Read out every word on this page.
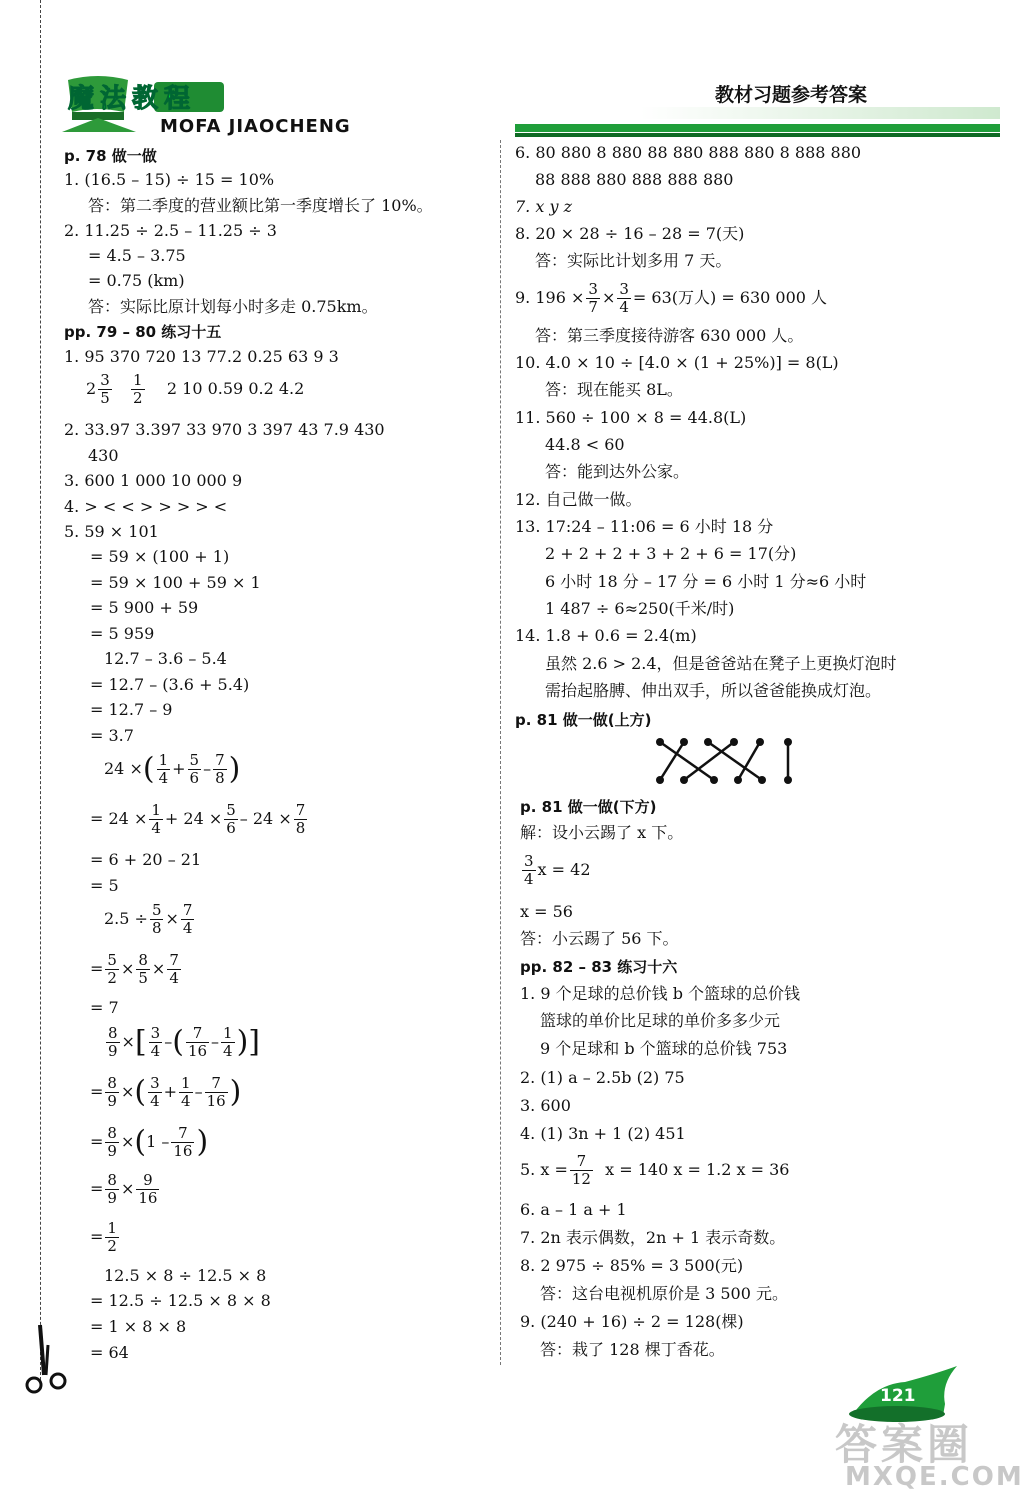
魔法教程
MOFA JIAOCHENG
教材习题参考答案
p. 78 做一做
1. (16.5 – 15) ÷ 15 = 10%
答：第二季度的营业额比第一季度增长了 10%。
2. 11.25 ÷ 2.5 – 11.25 ÷ 3
= 4.5 – 3.75
= 0.75 (km)
答：实际比原计划每小时多走 0.75km。
pp. 79 – 80 练习十五
1. 95 370 720 13 77.2 0.25 63 9 3
$2 \frac{3}{5}$
$\frac{1}{2} 2$ 10 0.59 0.2 4.2
2. 33.97 3.397 33 970 3 397 43 7.9 430
430
3. 600 1 000 10 000 9
4. > < < > > > > <
5. 59 × 101
= 59 × (100 + 1)
= 59 × 100 + 59 × 1
= 5 900 + 59
= 5 959
12.7 – 3.6 – 5.4
= 12.7 – (3.6 + 5.4)
= 12.7 – 9
= 3.7
24 ×( $\frac{1}{4} + \frac{5}{6} - \frac{7}{8}$ )
= $24 \times \frac{1}{4} + 24 \times \frac{5}{6} - 24 \times \frac{7}{8}$
= 6 + 20 – 21
= 5
$2.5 \div \frac{5}{8} \times \frac{7}{4}$
= $\frac{5}{2} \times \frac{8}{5} \times \frac{7}{4}$
= 7
$\frac{8}{9}$ ×[ $\frac{3}{4}$ –( $\frac{7}{16} - \frac{1}{4}$ )]
= $\frac{8}{9}$ ×( $\frac{3}{4} + \frac{1}{4} - \frac{7}{16}$ )
= $\frac{8}{9} \times(1 - \frac{7}{16}$ )
= $\frac{8}{9} \times \frac{9}{16}$
= $\frac{1}{2}$
12.5 × 8 ÷ 12.5 × 8
= 12.5 ÷ 12.5 × 8 × 8
= 1 × 8 × 8
= 64
6. 80 880 8 880 88 880 888 880 8 888 880
88 888 880 888 888 880
7. x y z
8. 20 × 28 ÷ 16 – 28 = 7(天)
答：实际比计划多用 7 天。
9. $196 \times \frac{3}{7} \times \frac{3}{4} = 63$(万人) = 630 000 人
答：第三季度接待游客 630 000 人。
10. 4.0 × 10 ÷ [4.0 × (1 + 25%)] = 8(L)
答：现在能买 8L。
11. 560 ÷ 100 × 8 = 44.8(L)
44.8 < 60
答：能到达外公家。
12. 自己做一做。
13. 17:24 – 11:06 = 6 小时 18 分
2 + 2 + 2 + 3 + 2 + 6 = 17(分)
6 小时 18 分 – 17 分 = 6 小时 1 分≈6 小时
1 487 ÷ 6≈250(千米/时)
14. 1.8 + 0.6 = 2.4(m)
虽然 2.6 > 2.4，但是爸爸站在凳子上更换灯泡时
需抬起胳膊、伸出双手，所以爸爸能换成灯泡。
p. 81 做一做(上方)
p. 81 做一做(下方)
解：设小云踢了 x 下。
$\frac{3}{4}$ x = 42
x = 56
答：小云踢了 56 下。
pp. 82 – 83 练习十六
1. 9 个足球的总价钱 b 个篮球的总价钱
篮球的单价比足球的单价多多少元
9 个足球和 b 个篮球的总价钱 753
3. 600
2. (1) a – 2.5b (2) 75
4. (1) 3n + 1 (2) 451
5. $x = \frac{7}{12}$ x = 140 x = 1.2 x = 36
6. a – 1 a + 1
7. 2n 表示偶数，2n + 1 表示奇数。
8. 2 975 ÷ 85% = 3 500(元)
答：这台电视机原价是 3 500 元。
9. (240 + 16) ÷ 2 = 128(棵)
答：栽了 128 棵丁香花。
121
答案圈
MXQE.COM
